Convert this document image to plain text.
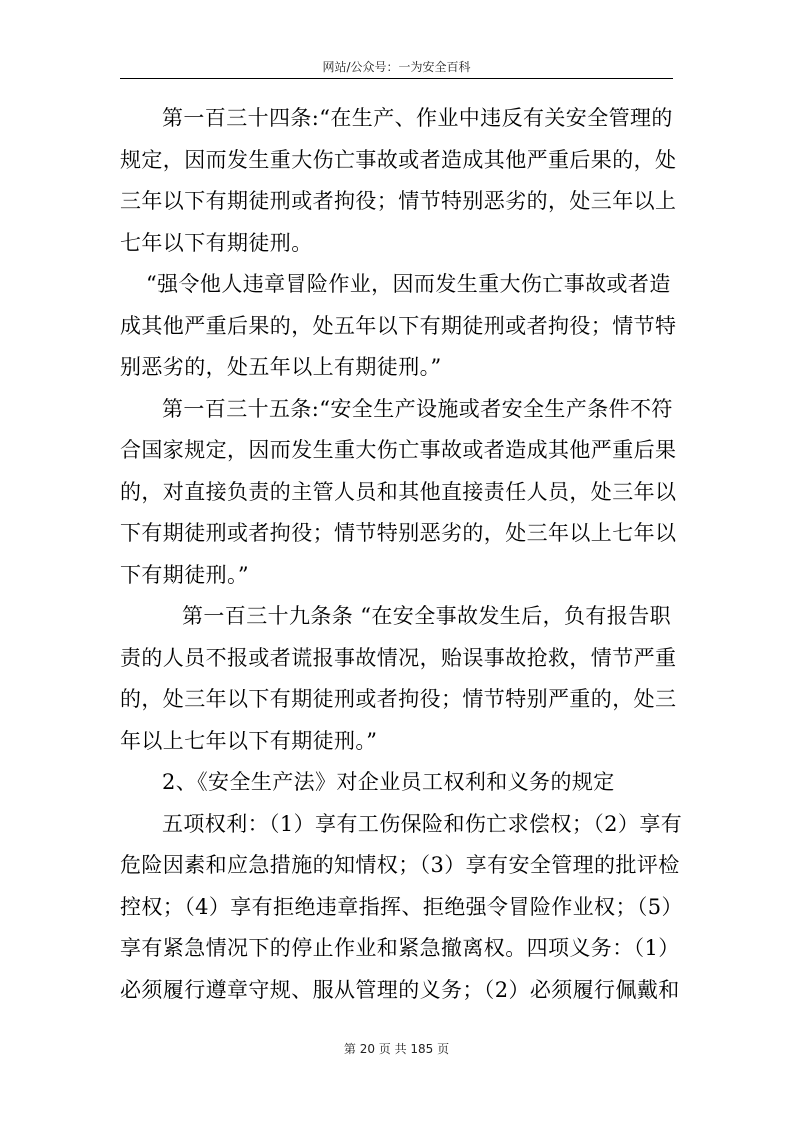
网站/公众号：一为安全百科
第一百三十四条:“在生产、作业中违反有关安全管理的
规定，因而发生重大伤亡事故或者造成其他严重后果的，处
三年以下有期徒刑或者拘役；情节特别恶劣的，处三年以上
七年以下有期徒刑。
“强令他人违章冒险作业，因而发生重大伤亡事故或者造
成其他严重后果的，处五年以下有期徒刑或者拘役；情节特
别恶劣的，处五年以上有期徒刑。”
第一百三十五条:“安全生产设施或者安全生产条件不符
合国家规定，因而发生重大伤亡事故或者造成其他严重后果
的，对直接负责的主管人员和其他直接责任人员，处三年以
下有期徒刑或者拘役；情节特别恶劣的，处三年以上七年以
下有期徒刑。”
第一百三十九条条 “在安全事故发生后，负有报告职
责的人员不报或者谎报事故情况，贻误事故抢救，情节严重
的，处三年以下有期徒刑或者拘役；情节特别严重的，处三
年以上七年以下有期徒刑。”
2、《安全生产法》对企业员工权利和义务的规定
五项权利：（1）享有工伤保险和伤亡求偿权；（2）享有
危险因素和应急措施的知情权；（3）享有安全管理的批评检
控权；（4）享有拒绝违章指挥、拒绝强令冒险作业权；（5）
享有紧急情况下的停止作业和紧急撤离权。四项义务：（1）
必须履行遵章守规、服从管理的义务；（2）必须履行佩戴和
第 20 页 共 185 页
